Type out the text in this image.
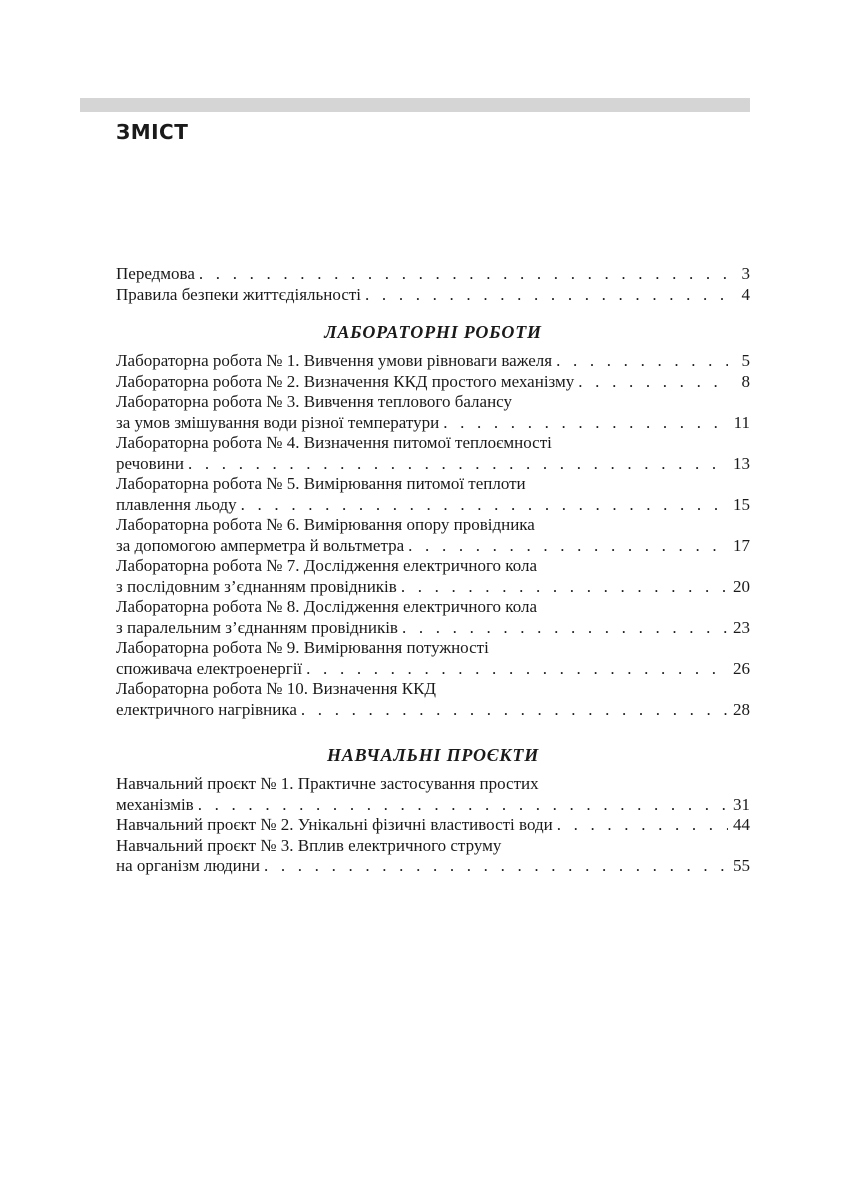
ЗМІСТ
Передмова . . .	3
Правила безпеки життєдіяльності . . .	4
ЛАБОРАТОРНІ РОБОТИ
Лабораторна робота № 1. Вивчення умови рівноваги важеля . . .	5
Лабораторна робота № 2. Визначення ККД простого механізму . . .	8
Лабораторна робота № 3. Вивчення теплового балансу
за умов змішування води різної температури . . .	11
Лабораторна робота № 4. Визначення питомої теплоємності
речовини . . .	13
Лабораторна робота № 5. Вимірювання питомої теплоти
плавлення льоду . . .	15
Лабораторна робота № 6. Вимірювання опору провідника
за допомогою амперметра й вольтметра . . .	17
Лабораторна робота № 7. Дослідження електричного кола
з послідовним з’єднанням провідників . . .	20
Лабораторна робота № 8. Дослідження електричного кола
з паралельним з’єднанням провідників . . .	23
Лабораторна робота № 9. Вимірювання потужності
споживача електроенергії . . .	26
Лабораторна робота № 10. Визначення ККД
електричного нагрівника . . .	28
НАВЧАЛЬНІ ПРОЄКТИ
Навчальний проєкт № 1. Практичне застосування простих
механізмів . . .	31
Навчальний проєкт № 2. Унікальні фізичні властивості води . . .	44
Навчальний проєкт № 3. Вплив електричного струму
на організм людини . . .	55
